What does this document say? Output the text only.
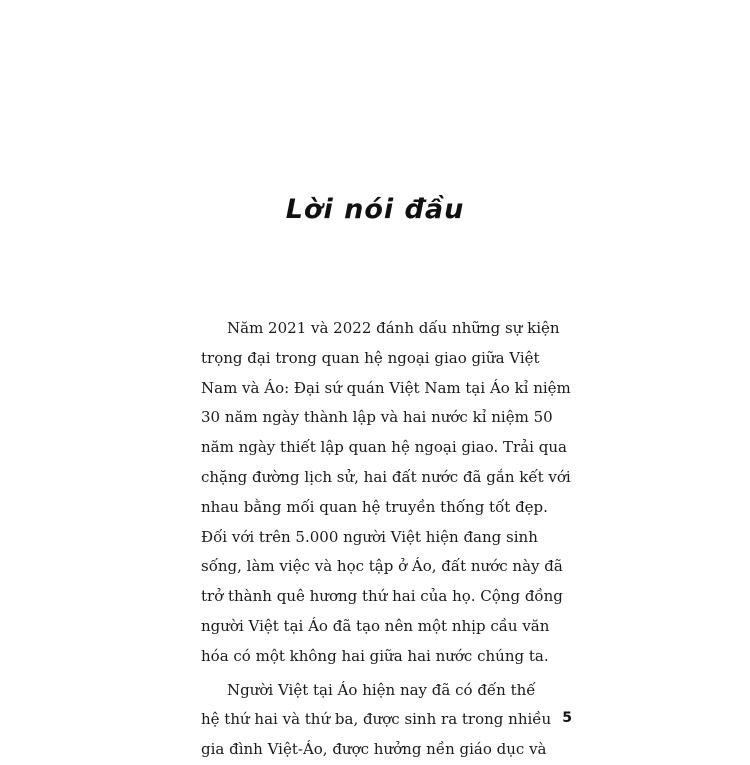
Lời nói đầu

Năm 2021 và 2022 đánh dấu những sự kiện
trọng đại trong quan hệ ngoại giao giữa Việt
Nam và Áo: Đại sứ quán Việt Nam tại Áo kỉ niệm
30 năm ngày thành lập và hai nước kỉ niệm 50
năm ngày thiết lập quan hệ ngoại giao. Trải qua
chặng đường lịch sử, hai đất nước đã gắn kết với
nhau bằng mối quan hệ truyền thống tốt đẹp.
Đối với trên 5.000 người Việt hiện đang sinh
sống, làm việc và học tập ở Áo, đất nước này đã
trở thành quê hương thứ hai của họ. Cộng đồng
người Việt tại Áo đã tạo nên một nhịp cầu văn
hóa có một không hai giữa hai nước chúng ta.

Người Việt tại Áo hiện nay đã có đến thế
hệ thứ hai và thứ ba, được sinh ra trong nhiều
gia đình Việt-Áo, được hưởng nền giáo dục và

5
